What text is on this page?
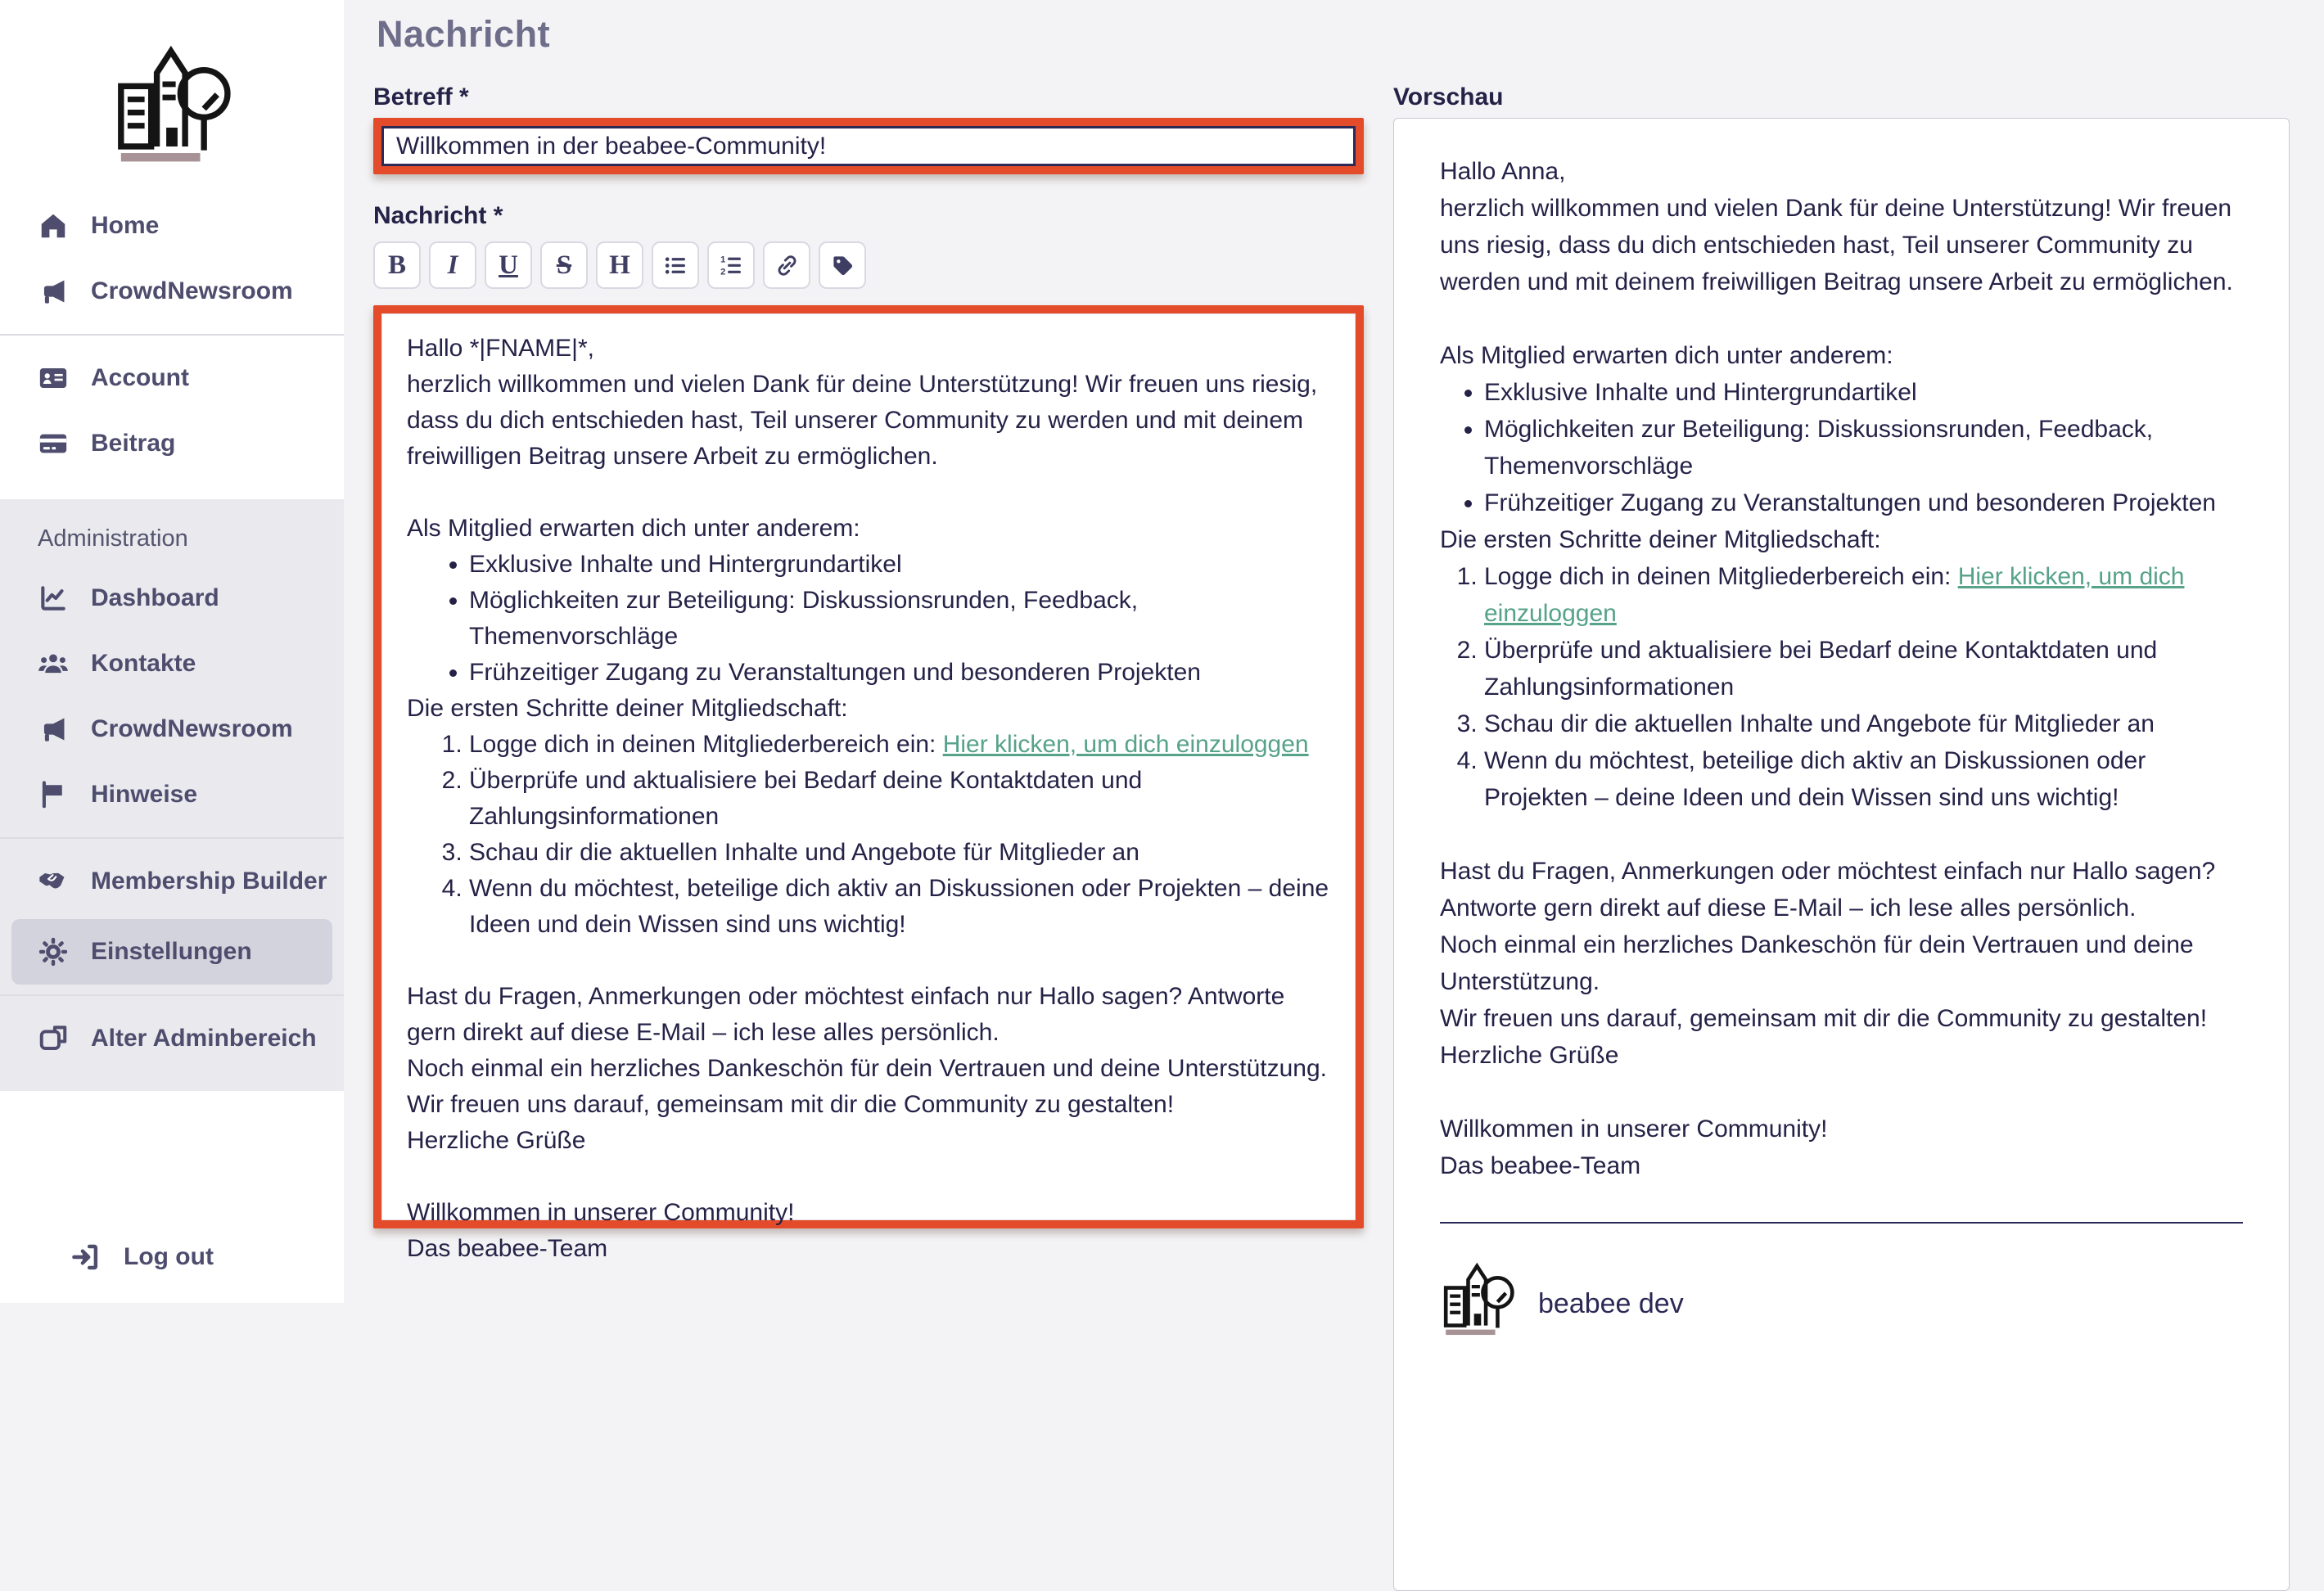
Home
CrowdNewsroom
Account
Beitrag
Administration
Dashboard
Kontakte
CrowdNewsroom
Hinweise
Membership Builder
Einstellungen
Alter Adminbereich
Log out
Nachricht
Betreff *
Willkommen in der beabee-Community!
Nachricht *
B I U S H	1
2

Hallo *|FNAME|*,

herzlich willkommen und vielen Dank für deine Unterstützung! Wir freuen uns riesig, dass du dich entschieden hast, Teil unserer Community zu werden und mit deinem freiwilligen Beitrag unsere Arbeit zu ermöglichen.

Als Mitglied erwarten dich unter anderem:

• Exklusive Inhalte und Hintergrundartikel
• Möglichkeiten zur Beteiligung: Diskussionsrunden, Feedback, Themenvorschläge
• Frühzeitiger Zugang zu Veranstaltungen und besonderen Projekten

Die ersten Schritte deiner Mitgliedschaft:

1. Logge dich in deinen Mitgliederbereich ein: Hier klicken, um dich einzuloggen
2. Überprüfe und aktualisiere bei Bedarf deine Kontaktdaten und Zahlungsinformationen
3. Schau dir die aktuellen Inhalte und Angebote für Mitglieder an
4. Wenn du möchtest, beteilige dich aktiv an Diskussionen oder Projekten – deine Ideen und dein Wissen sind uns wichtig!

Hast du Fragen, Anmerkungen oder möchtest einfach nur Hallo sagen? Antworte gern direkt auf diese E-Mail – ich lese alles persönlich.

Noch einmal ein herzliches Dankeschön für dein Vertrauen und deine Unterstützung.

Wir freuen uns darauf, gemeinsam mit dir die Community zu gestalten!

Herzliche Grüße

Willkommen in unserer Community!

Das beabee-Team

Vorschau

Hallo Anna,

herzlich willkommen und vielen Dank für deine Unterstützung! Wir freuen uns riesig, dass du dich entschieden hast, Teil unserer Community zu werden und mit deinem freiwilligen Beitrag unsere Arbeit zu ermöglichen.

Als Mitglied erwarten dich unter anderem:

• Exklusive Inhalte und Hintergrundartikel
• Möglichkeiten zur Beteiligung: Diskussionsrunden, Feedback, Themenvorschläge
• Frühzeitiger Zugang zu Veranstaltungen und besonderen Projekten

Die ersten Schritte deiner Mitgliedschaft:

1. Logge dich in deinen Mitgliederbereich ein: Hier klicken, um dich einzuloggen
2. Überprüfe und aktualisiere bei Bedarf deine Kontaktdaten und Zahlungsinformationen
3. Schau dir die aktuellen Inhalte und Angebote für Mitglieder an
4. Wenn du möchtest, beteilige dich aktiv an Diskussionen oder Projekten – deine Ideen und dein Wissen sind uns wichtig!

Hast du Fragen, Anmerkungen oder möchtest einfach nur Hallo sagen? Antworte gern direkt auf diese E-Mail – ich lese alles persönlich.

Noch einmal ein herzliches Dankeschön für dein Vertrauen und deine Unterstützung.

Wir freuen uns darauf, gemeinsam mit dir die Community zu gestalten!

Herzliche Grüße

Willkommen in unserer Community!

Das beabee-Team

beabee dev
